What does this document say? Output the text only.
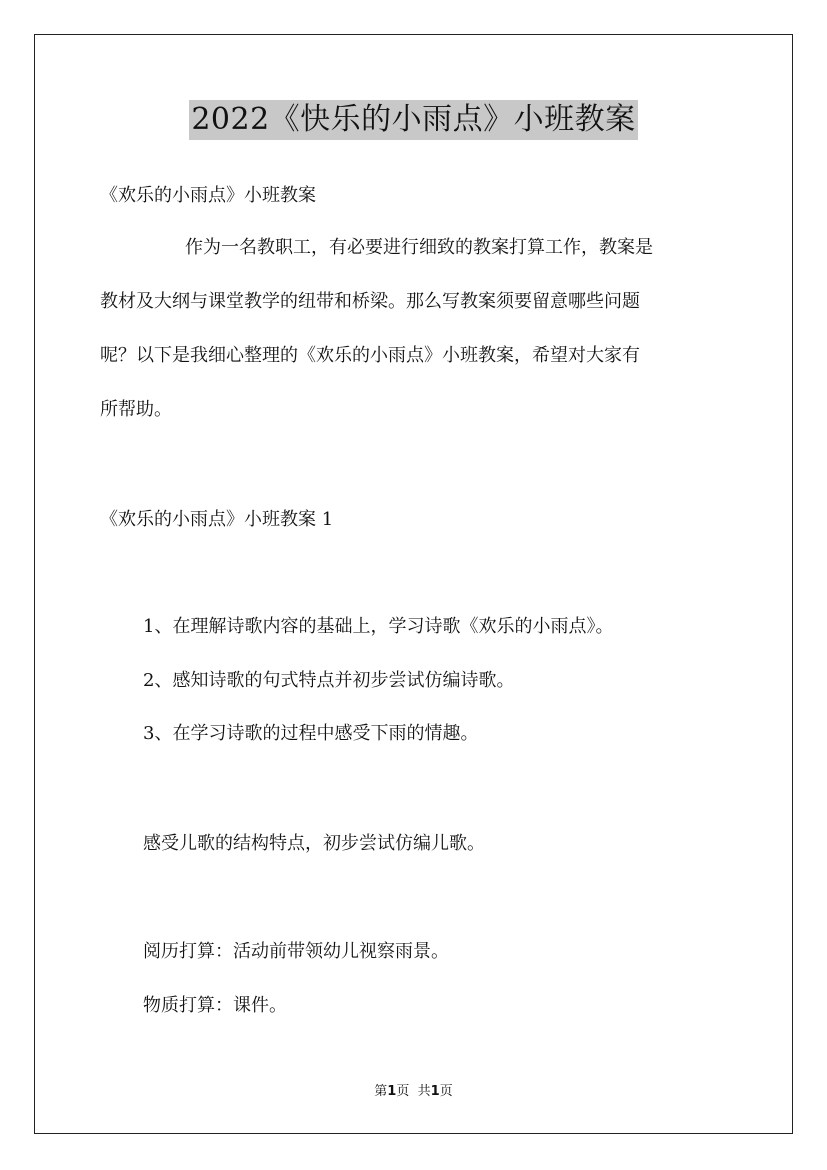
2022《快乐的小雨点》小班教案
《欢乐的小雨点》小班教案
作为一名教职工，有必要进行细致的教案打算工作，教案是
教材及大纲与课堂教学的纽带和桥梁。那么写教案须要留意哪些问题
呢？以下是我细心整理的《欢乐的小雨点》小班教案，希望对大家有
所帮助。
《欢乐的小雨点》小班教案 1
1、在理解诗歌内容的基础上，学习诗歌《欢乐的小雨点》。
2、感知诗歌的句式特点并初步尝试仿编诗歌。
3、在学习诗歌的过程中感受下雨的情趣。
感受儿歌的结构特点，初步尝试仿编儿歌。
阅历打算：活动前带领幼儿视察雨景。
物质打算：课件。
第1页 共1页
